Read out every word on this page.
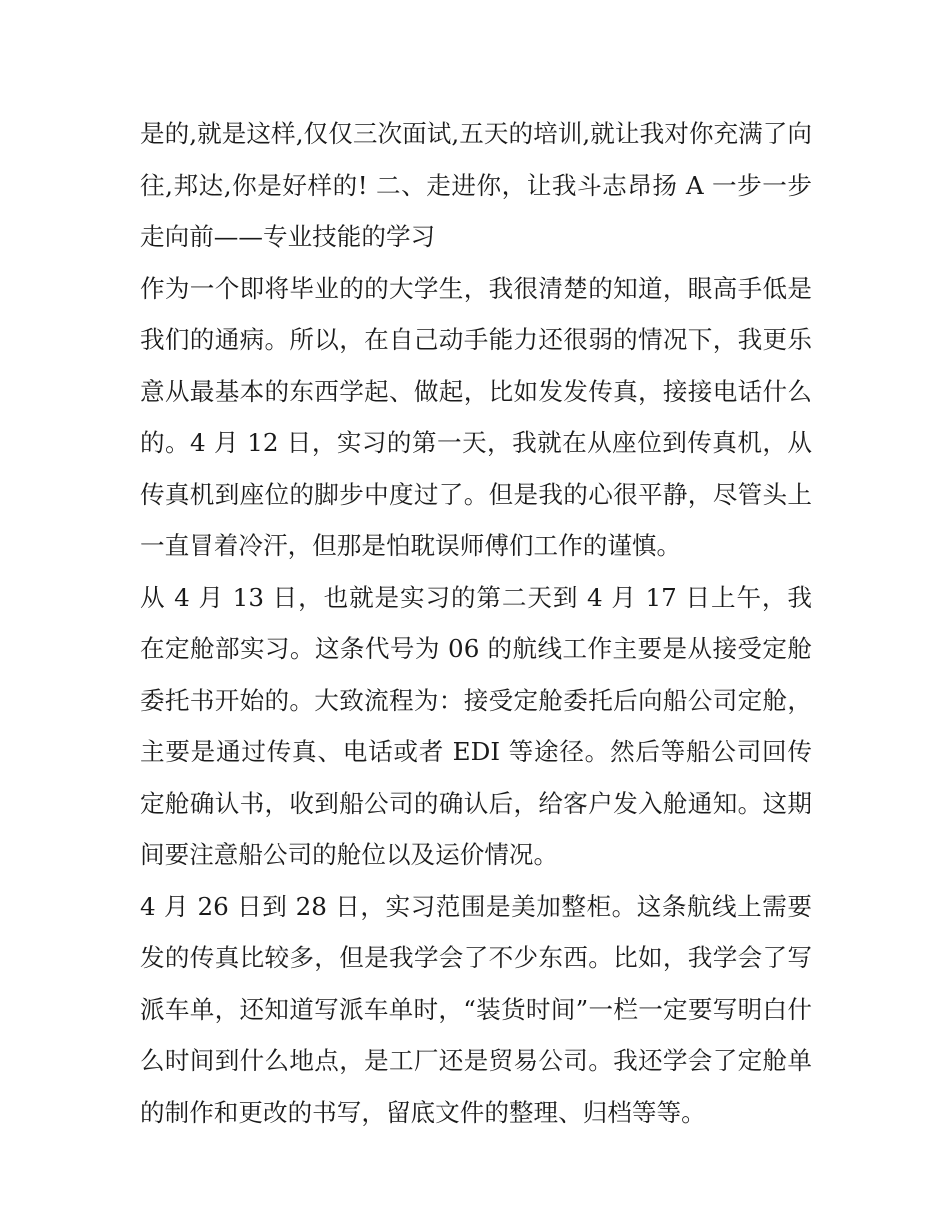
是的,就是这样,仅仅三次面试,五天的培训,就让我对你充满了向往,邦达,你是好样的! 二、走进你，让我斗志昂扬 A 一步一步走向前——专业技能的学习

作为一个即将毕业的的大学生，我很清楚的知道，眼高手低是我们的通病。所以，在自己动手能力还很弱的情况下，我更乐意从最基本的东西学起、做起，比如发发传真，接接电话什么的。4 月 12 日，实习的第一天，我就在从座位到传真机，从传真机到座位的脚步中度过了。但是我的心很平静，尽管头上一直冒着冷汗，但那是怕耽误师傅们工作的谨慎。

从 4 月 13 日，也就是实习的第二天到 4 月 17 日上午，我在定舱部实习。这条代号为 06 的航线工作主要是从接受定舱委托书开始的。大致流程为：接受定舱委托后向船公司定舱，主要是通过传真、电话或者 EDI 等途径。然后等船公司回传定舱确认书，收到船公司的确认后，给客户发入舱通知。这期间要注意船公司的舱位以及运价情况。

4 月 26 日到 28 日，实习范围是美加整柜。这条航线上需要发的传真比较多，但是我学会了不少东西。比如，我学会了写派车单，还知道写派车单时，“装货时间”一栏一定要写明白什么时间到什么地点，是工厂还是贸易公司。我还学会了定舱单的制作和更改的书写，留底文件的整理、归档等等。
